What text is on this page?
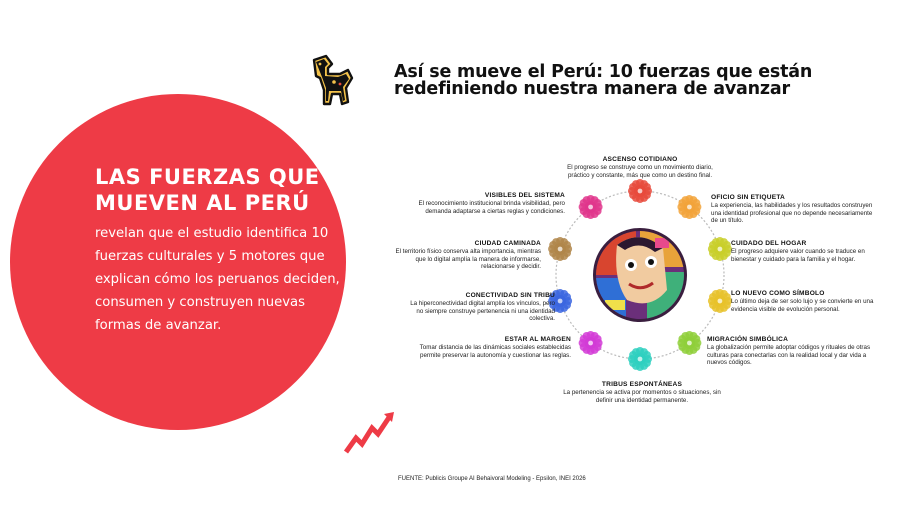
LAS FUERZAS QUE MUEVEN AL PERÚ

revelan que el estudio identifica 10 fuerzas culturales y 5 motores que explican cómo los peruanos deciden, consumen y construyen nuevas formas de avanzar.

Así se mueve el Perú: 10 fuerzas que están redefiniendo nuestra manera de avanzar
ASCENSO COTIDIANO
El progreso se construye como un movimiento diario, práctico y constante, más que como un destino final.
OFICIO SIN ETIQUETA
La experiencia, las habilidades y los resultados construyen una identidad profesional que no depende necesariamente de un título.
CUIDADO DEL HOGAR
El progreso adquiere valor cuando se traduce en bienestar y cuidado para la familia y el hogar.
LO NUEVO COMO SÍMBOLO
Lo último deja de ser solo lujo y se convierte en una evidencia visible de evolución personal.
MIGRACIÓN SIMBÓLICA
La globalización permite adoptar códigos y rituales de otras culturas para conectarlas con la realidad local y dar vida a nuevos códigos.
TRIBUS ESPONTÁNEAS
La pertenencia se activa por momentos o situaciones, sin definir una identidad permanente.
ESTAR AL MARGEN
Tomar distancia de las dinámicas sociales establecidas permite preservar la autonomía y cuestionar las reglas.
CONECTIVIDAD SIN TRIBU
La hiperconectividad digital amplía los vínculos, pero no siempre construye pertenencia ni una identidad colectiva.
CIUDAD CAMINADA
El territorio físico conserva alta importancia, mientras que lo digital amplía la manera de informarse, relacionarse y decidir.
VISIBLES DEL SISTEMA
El reconocimiento institucional brinda visibilidad, pero demanda adaptarse a ciertas reglas y condiciones.
FUENTE: Publicis Groupe AI Behaivoral Modeling - Epsilon, INEI 2026
